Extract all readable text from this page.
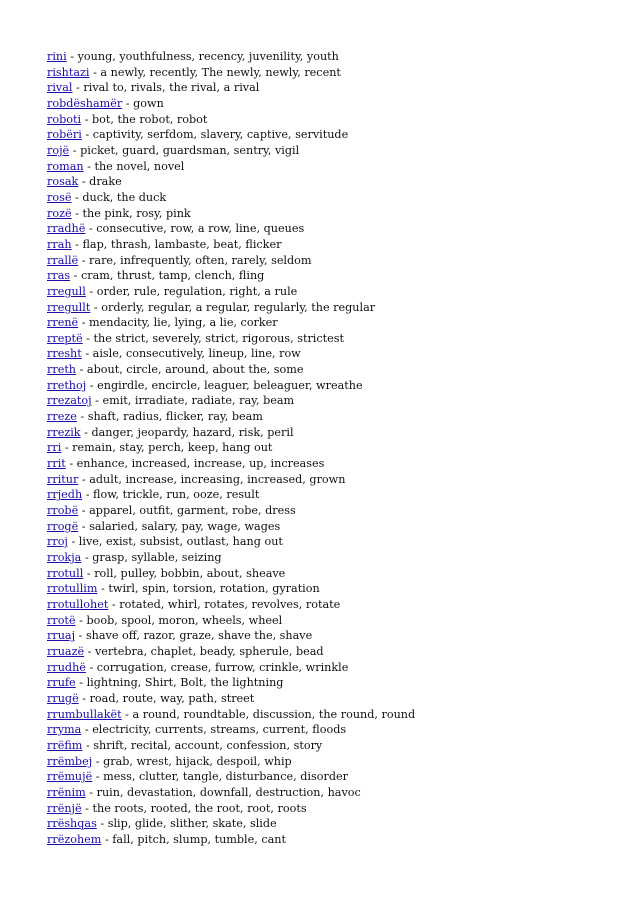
rini - young, youthfulness, recency, juvenility, youth
rishtazi - a newly, recently, The newly, newly, recent
rival - rival to, rivals, the rival, a rival
robdëshamër - gown
roboti - bot, the robot, robot
robëri - captivity, serfdom, slavery, captive, servitude
rojë - picket, guard, guardsman, sentry, vigil
roman - the novel, novel
rosak - drake
rosë - duck, the duck
rozë - the pink, rosy, pink
rradhë - consecutive, row, a row, line, queues
rrah - flap, thrash, lambaste, beat, flicker
rrallë - rare, infrequently, often, rarely, seldom
rras - cram, thrust, tamp, clench, fling
rregull - order, rule, regulation, right, a rule
rregullt - orderly, regular, a regular, regularly, the regular
rrenë - mendacity, lie, lying, a lie, corker
rreptë - the strict, severely, strict, rigorous, strictest
rresht - aisle, consecutively, lineup, line, row
rreth - about, circle, around, about the, some
rrethoj - engirdle, encircle, leaguer, beleaguer, wreathe
rrezatoj - emit, irradiate, radiate, ray, beam
rreze - shaft, radius, flicker, ray, beam
rrezik - danger, jeopardy, hazard, risk, peril
rri - remain, stay, perch, keep, hang out
rrit - enhance, increased, increase, up, increases
rritur - adult, increase, increasing, increased, grown
rrjedh - flow, trickle, run, ooze, result
rrobë - apparel, outfit, garment, robe, dress
rrogë - salaried, salary, pay, wage, wages
rroj - live, exist, subsist, outlast, hang out
rrokja - grasp, syllable, seizing
rrotull - roll, pulley, bobbin, about, sheave
rrotullim - twirl, spin, torsion, rotation, gyration
rrotullohet - rotated, whirl, rotates, revolves, rotate
rrotë - boob, spool, moron, wheels, wheel
rruaj - shave off, razor, graze, shave the, shave
rruazë - vertebra, chaplet, beady, spherule, bead
rrudhë - corrugation, crease, furrow, crinkle, wrinkle
rrufe - lightning, Shirt, Bolt, the lightning
rrugë - road, route, way, path, street
rrumbullakët - a round, roundtable, discussion, the round, round
rryma - electricity, currents, streams, current, floods
rrëfim - shrift, recital, account, confession, story
rrëmbej - grab, wrest, hijack, despoil, whip
rrëmujë - mess, clutter, tangle, disturbance, disorder
rrënim - ruin, devastation, downfall, destruction, havoc
rrënjë - the roots, rooted, the root, root, roots
rrëshqas - slip, glide, slither, skate, slide
rrëzohem - fall, pitch, slump, tumble, cant
